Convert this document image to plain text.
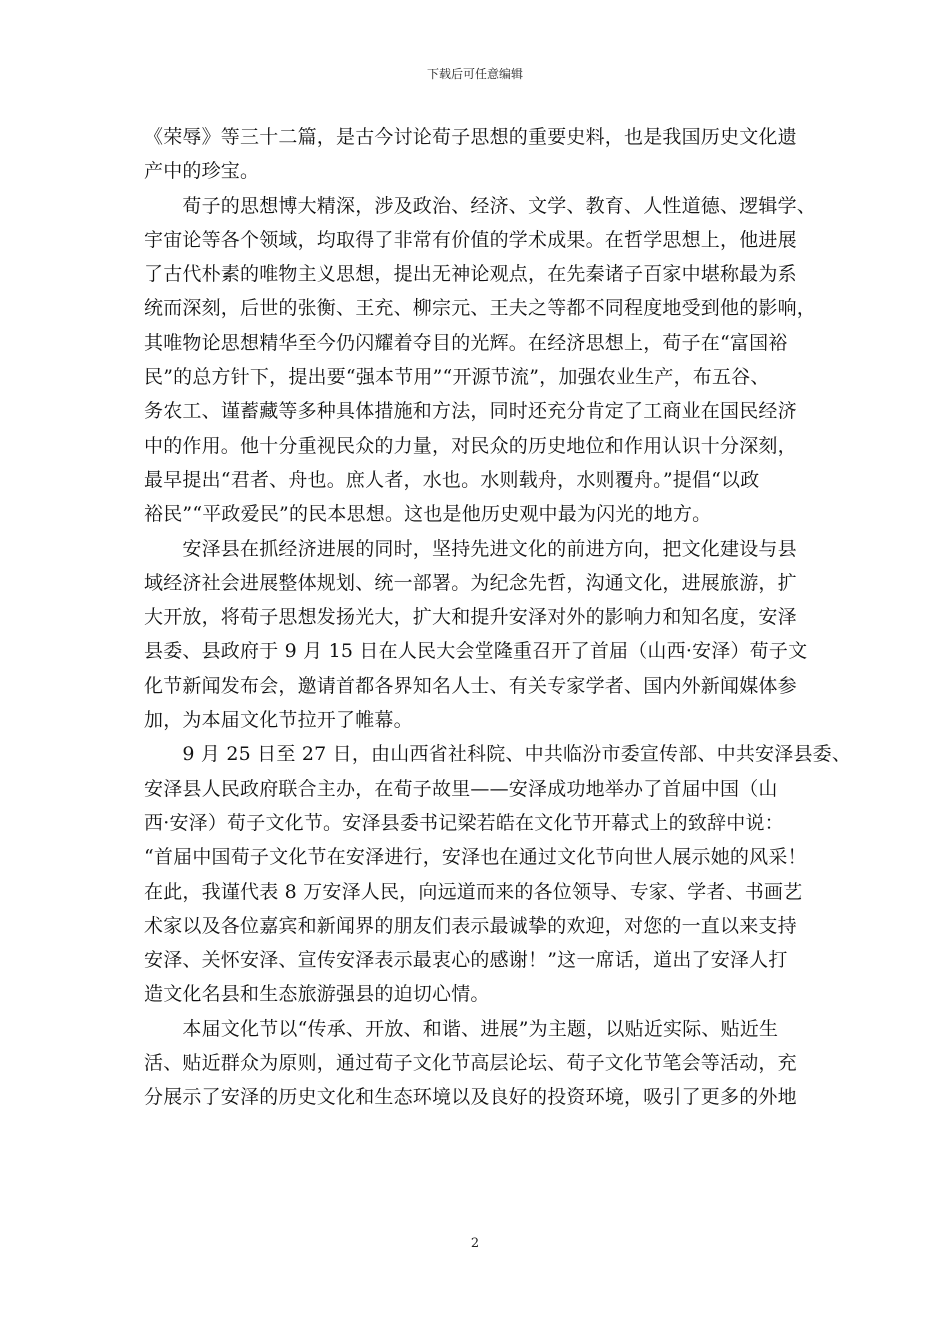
下载后可任意编辑
《荣辱》等三十二篇，是古今讨论荀子思想的重要史料，也是我国历史文化遗
产中的珍宝。
　　荀子的思想博大精深，涉及政治、经济、文学、教育、人性道德、逻辑学、
宇宙论等各个领域，均取得了非常有价值的学术成果。在哲学思想上，他进展
了古代朴素的唯物主义思想，提出无神论观点，在先秦诸子百家中堪称最为系
统而深刻，后世的张衡、王充、柳宗元、王夫之等都不同程度地受到他的影响，
其唯物论思想精华至今仍闪耀着夺目的光辉。在经济思想上，荀子在“富国裕
民”的总方针下，提出要“强本节用”“开源节流”，加强农业生产，布五谷、
务农工、谨蓄藏等多种具体措施和方法，同时还充分肯定了工商业在国民经济
中的作用。他十分重视民众的力量，对民众的历史地位和作用认识十分深刻，
最早提出“君者、舟也。庶人者，水也。水则载舟，水则覆舟。”提倡“以政
裕民”“平政爱民”的民本思想。这也是他历史观中最为闪光的地方。
　　安泽县在抓经济进展的同时，坚持先进文化的前进方向，把文化建设与县
域经济社会进展整体规划、统一部署。为纪念先哲，沟通文化，进展旅游，扩
大开放，将荀子思想发扬光大，扩大和提升安泽对外的影响力和知名度，安泽
县委、县政府于 9 月 15 日在人民大会堂隆重召开了首届（山西·安泽）荀子文
化节新闻发布会，邀请首都各界知名人士、有关专家学者、国内外新闻媒体参
加，为本届文化节拉开了帷幕。
　　9 月 25 日至 27 日，由山西省社科院、中共临汾市委宣传部、中共安泽县委、
安泽县人民政府联合主办，在荀子故里——安泽成功地举办了首届中国（山
西·安泽）荀子文化节。安泽县委书记梁若皓在文化节开幕式上的致辞中说：
“首届中国荀子文化节在安泽进行，安泽也在通过文化节向世人展示她的风采！
在此，我谨代表 8 万安泽人民，向远道而来的各位领导、专家、学者、书画艺
术家以及各位嘉宾和新闻界的朋友们表示最诚挚的欢迎，对您的一直以来支持
安泽、关怀安泽、宣传安泽表示最衷心的感谢！”这一席话，道出了安泽人打
造文化名县和生态旅游强县的迫切心情。
　　本届文化节以“传承、开放、和谐、进展”为主题，以贴近实际、贴近生
活、贴近群众为原则，通过荀子文化节高层论坛、荀子文化节笔会等活动，充
分展示了安泽的历史文化和生态环境以及良好的投资环境，吸引了更多的外地
2
